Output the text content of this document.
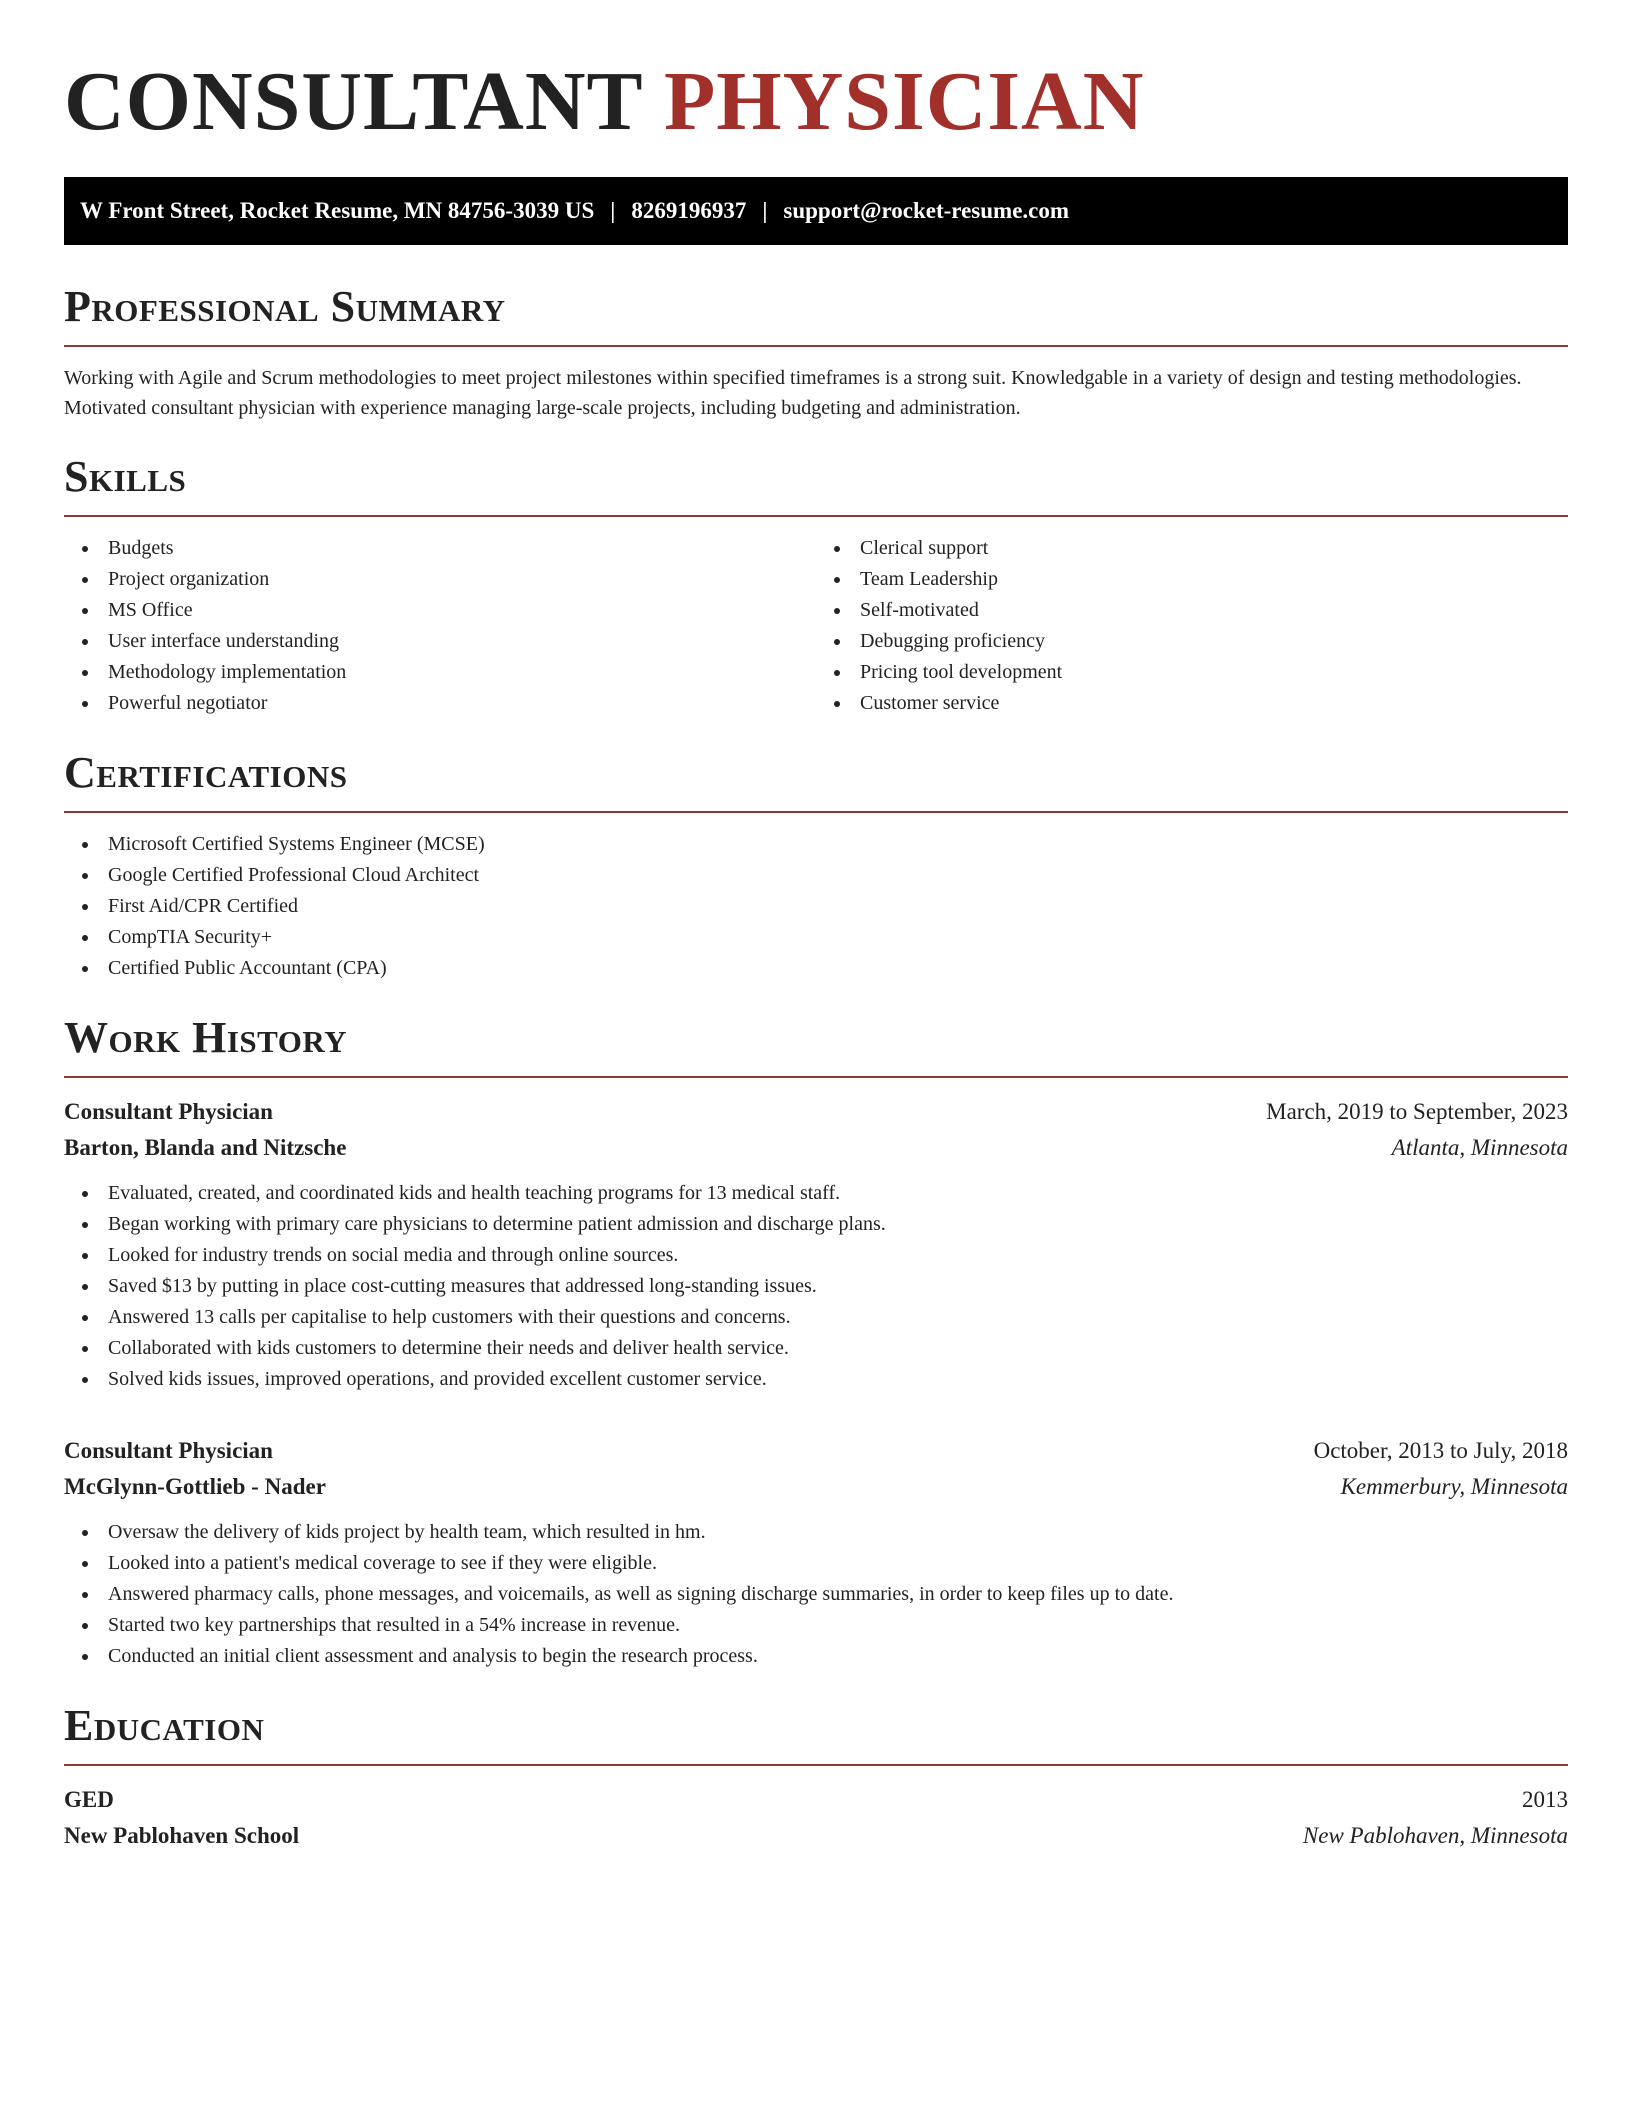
CONSULTANT PHYSICIAN
W Front Street, Rocket Resume, MN 84756-3039 US | 8269196937 | support@rocket-resume.com
Professional Summary

Working with Agile and Scrum methodologies to meet project milestones within specified timeframes is a strong suit. Knowledgable in a variety of design and testing methodologies. Motivated consultant physician with experience managing large-scale projects, including budgeting and administration.

Skills
Budgets
Project organization
MS Office
User interface understanding
Methodology implementation
Powerful negotiator
Clerical support
Team Leadership
Self-motivated
Debugging proficiency
Pricing tool development
Customer service
Certifications
Microsoft Certified Systems Engineer (MCSE)
Google Certified Professional Cloud Architect
First Aid/CPR Certified
CompTIA Security+
Certified Public Accountant (CPA)
Work History
Consultant Physician	March, 2019 to September, 2023
Barton, Blanda and Nitzsche	Atlanta, Minnesota
Evaluated, created, and coordinated kids and health teaching programs for 13 medical staff.
Began working with primary care physicians to determine patient admission and discharge plans.
Looked for industry trends on social media and through online sources.
Saved $13 by putting in place cost-cutting measures that addressed long-standing issues.
Answered 13 calls per capitalise to help customers with their questions and concerns.
Collaborated with kids customers to determine their needs and deliver health service.
Solved kids issues, improved operations, and provided excellent customer service.
Consultant Physician	October, 2013 to July, 2018
McGlynn-Gottlieb - Nader	Kemmerbury, Minnesota
Oversaw the delivery of kids project by health team, which resulted in hm.
Looked into a patient's medical coverage to see if they were eligible.
Answered pharmacy calls, phone messages, and voicemails, as well as signing discharge summaries, in order to keep files up to date.
Started two key partnerships that resulted in a 54% increase in revenue.
Conducted an initial client assessment and analysis to begin the research process.
Education
GED	2013
New Pablohaven School	New Pablohaven, Minnesota
